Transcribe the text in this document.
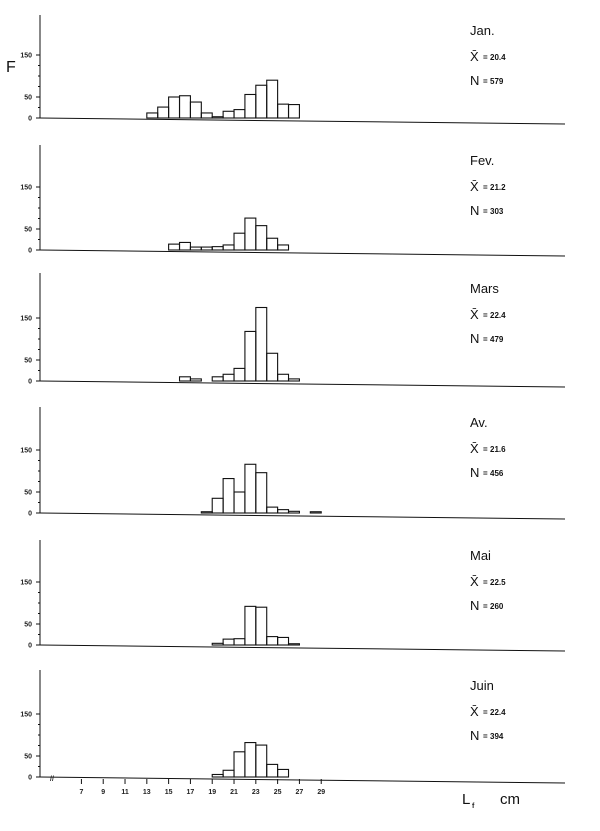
0
50
150
Jan.
X̄ = 20.4
N = 579
0
50
150
Fev.
X̄ = 21.2
N = 303
0
50
150
Mars
X̄ = 22.4
N = 479
0
50
150
Av.
X̄ = 21.6
N = 456
0
50
150
Mai
X̄ = 22.5
N = 260
0
50
150
Juin
X̄ = 22.4
N = 394
7	9 11 13 15 17 19 21 23 25 27 29
//
F
L f cm
